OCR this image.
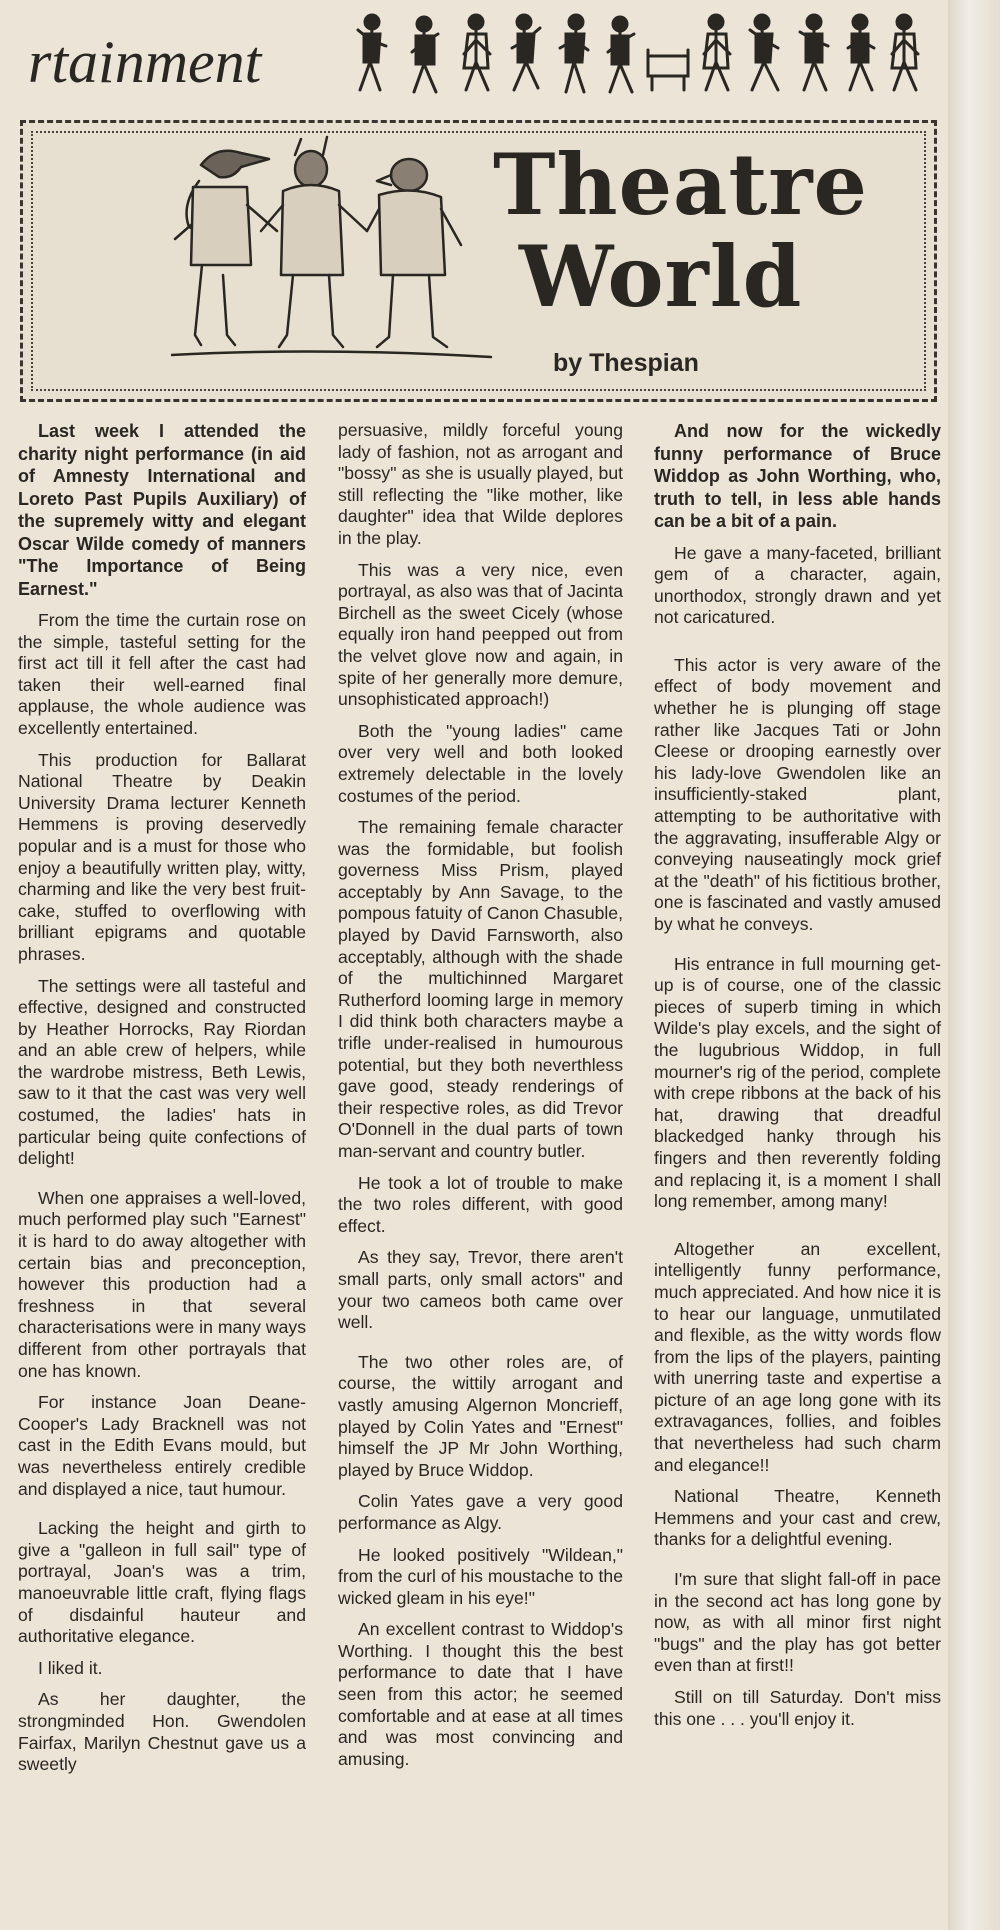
rtainment
Theatre
World
by Thespian

Last week I attended the charity night performance (in aid of Amnesty International and Loreto Past Pupils Auxiliary) of the supremely witty and elegant Oscar Wilde comedy of manners "The Importance of Being Earnest."

From the time the curtain rose on the simple, tasteful setting for the first act till it fell after the cast had taken their well-earned final applause, the whole audience was excellently entertained.

This production for Ballarat National Theatre by Deakin University Drama lecturer Kenneth Hemmens is proving deservedly popular and is a must for those who enjoy a beautifully written play, witty, charming and like the very best fruit-cake, stuffed to overflowing with brilliant epigrams and quotable phrases.

The settings were all tasteful and effective, designed and constructed by Heather Horrocks, Ray Riordan and an able crew of helpers, while the wardrobe mistress, Beth Lewis, saw to it that the cast was very well costumed, the ladies' hats in particular being quite confections of delight!

When one appraises a well-loved, much performed play such "Earnest" it is hard to do away altogether with certain bias and preconception, however this production had a freshness in that several characterisations were in many ways different from other portrayals that one has known.

For instance Joan Deane-Cooper's Lady Bracknell was not cast in the Edith Evans mould, but was nevertheless entirely credible and displayed a nice, taut humour.

Lacking the height and girth to give a "galleon in full sail" type of portrayal, Joan's was a trim, manoeuvrable little craft, flying flags of disdainful hauteur and authoritative elegance.

I liked it.

As her daughter, the strongminded Hon. Gwendolen Fairfax, Marilyn Chestnut gave us a sweetly

persuasive, mildly forceful young lady of fashion, not as arrogant and "bossy" as she is usually played, but still reflecting the "like mother, like daughter" idea that Wilde deplores in the play.

This was a very nice, even portrayal, as also was that of Jacinta Birchell as the sweet Cicely (whose equally iron hand peepped out from the velvet glove now and again, in spite of her generally more demure, unsophisticated approach!)

Both the "young ladies" came over very well and both looked extremely delectable in the lovely costumes of the period.

The remaining female character was the formidable, but foolish governess Miss Prism, played acceptably by Ann Savage, to the pompous fatuity of Canon Chasuble, played by David Farnsworth, also acceptably, although with the shade of the multichinned Margaret Rutherford looming large in memory I did think both characters maybe a trifle under-realised in humourous potential, but they both neverthless gave good, steady renderings of their respective roles, as did Trevor O'Donnell in the dual parts of town man-servant and country butler.

He took a lot of trouble to make the two roles different, with good effect.

As they say, Trevor, there aren't small parts, only small actors" and your two cameos both came over well.

The two other roles are, of course, the wittily arrogant and vastly amusing Algernon Moncrieff, played by Colin Yates and "Ernest" himself the JP Mr John Worthing, played by Bruce Widdop.

Colin Yates gave a very good performance as Algy.

He looked positively "Wildean," from the curl of his moustache to the wicked gleam in his eye!"

An excellent contrast to Widdop's Worthing. I thought this the best performance to date that I have seen from this actor; he seemed comfortable and at ease at all times and was most convincing and amusing.

And now for the wickedly funny performance of Bruce Widdop as John Worthing, who, truth to tell, in less able hands can be a bit of a pain.

He gave a many-faceted, brilliant gem of a character, again, unorthodox, strongly drawn and yet not caricatured.

This actor is very aware of the effect of body movement and whether he is plunging off stage rather like Jacques Tati or John Cleese or drooping earnestly over his lady-love Gwendolen like an insufficiently-staked plant, attempting to be authoritative with the aggravating, insufferable Algy or conveying nauseatingly mock grief at the "death" of his fictitious brother, one is fascinated and vastly amused by what he conveys.

His entrance in full mourning get-up is of course, one of the classic pieces of superb timing in which Wilde's play excels, and the sight of the lugubrious Widdop, in full mourner's rig of the period, complete with crepe ribbons at the back of his hat, drawing that dreadful blackedged hanky through his fingers and then reverently folding and replacing it, is a moment I shall long remember, among many!

Altogether an excellent, intelligently funny performance, much appreciated. And how nice it is to hear our language, unmutilated and flexible, as the witty words flow from the lips of the players, painting with unerring taste and expertise a picture of an age long gone with its extravagances, follies, and foibles that nevertheless had such charm and elegance!!

National Theatre, Kenneth Hemmens and your cast and crew, thanks for a delightful evening.

I'm sure that slight fall-off in pace in the second act has long gone by now, as with all minor first night "bugs" and the play has got better even than at first!!

Still on till Saturday. Don't miss this one . . . you'll enjoy it.
